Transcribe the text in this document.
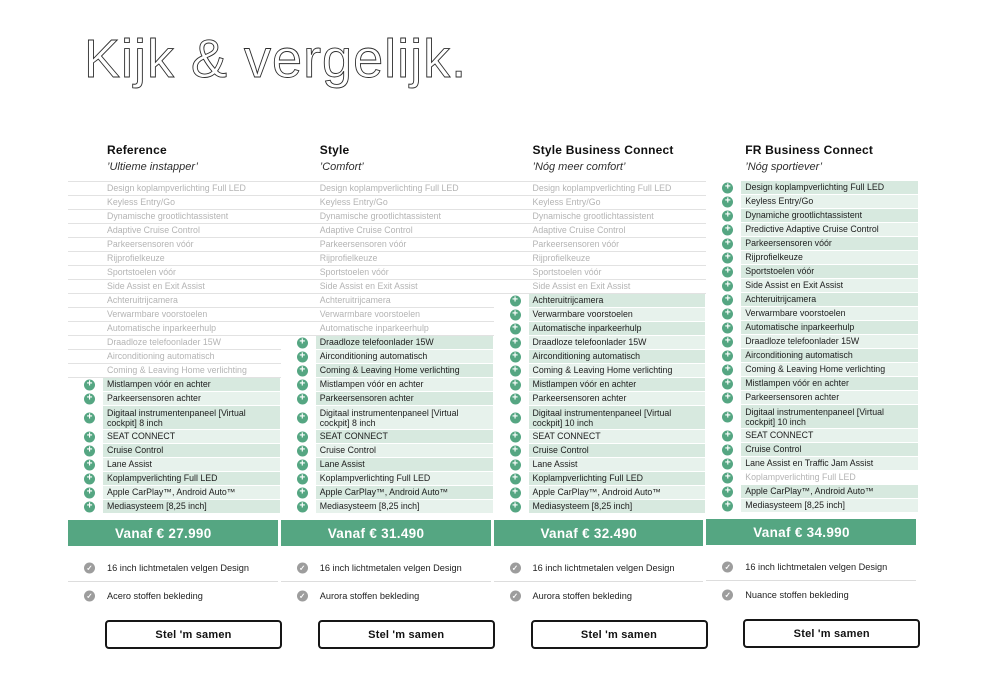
Kijk & vergelijk.
Reference
’Ultieme instapper’
Design koplampverlichting Full LED
Keyless Entry/Go
Dynamische grootlichtassistent
Adaptive Cruise Control
Parkeersensoren vóór
Rijprofielkeuze
Sportstoelen vóór
Side Assist en Exit Assist
Achteruitrijcamera
Verwarmbare voorstoelen
Automatische inparkeerhulp
Draadloze telefoonlader 15W
Airconditioning automatisch
Coming & Leaving Home verlichting
+
Mistlampen vóór en achter
+
Parkeersensoren achter
+
Digitaal instrumentenpaneel [Virtual cockpit] 8 inch
+
SEAT CONNECT
+
Cruise Control
+
Lane Assist
+
Koplampverlichting Full LED
+
Apple CarPlay™, Android Auto™
+
Mediasysteem [8,25 inch]
Vanaf € 27.990
✓
16 inch lichtmetalen velgen Design
✓
Acero stoffen bekleding
Stel 'm samen
Style
’Comfort’
Design koplampverlichting Full LED
Keyless Entry/Go
Dynamische grootlichtassistent
Adaptive Cruise Control
Parkeersensoren vóór
Rijprofielkeuze
Sportstoelen vóór
Side Assist en Exit Assist
Achteruitrijcamera
Verwarmbare voorstoelen
Automatische inparkeerhulp
+
Draadloze telefoonlader 15W
+
Airconditioning automatisch
+
Coming & Leaving Home verlichting
+
Mistlampen vóór en achter
+
Parkeersensoren achter
+
Digitaal instrumentenpaneel [Virtual cockpit] 8 inch
+
SEAT CONNECT
+
Cruise Control
+
Lane Assist
+
Koplampverlichting Full LED
+
Apple CarPlay™, Android Auto™
+
Mediasysteem [8,25 inch]
Vanaf € 31.490
✓
16 inch lichtmetalen velgen Design
✓
Aurora stoffen bekleding
Stel 'm samen
Style Business Connect
’Nóg meer comfort’
Design koplampverlichting Full LED
Keyless Entry/Go
Dynamische grootlichtassistent
Adaptive Cruise Control
Parkeersensoren vóór
Rijprofielkeuze
Sportstoelen vóór
Side Assist en Exit Assist
+
Achteruitrijcamera
+
Verwarmbare voorstoelen
+
Automatische inparkeerhulp
+
Draadloze telefoonlader 15W
+
Airconditioning automatisch
+
Coming & Leaving Home verlichting
+
Mistlampen vóór en achter
+
Parkeersensoren achter
+
Digitaal instrumentenpaneel [Virtual cockpit] 10 inch
+
SEAT CONNECT
+
Cruise Control
+
Lane Assist
+
Koplampverlichting Full LED
+
Apple CarPlay™, Android Auto™
+
Mediasysteem [8,25 inch]
Vanaf € 32.490
✓
16 inch lichtmetalen velgen Design
✓
Aurora stoffen bekleding
Stel 'm samen
FR Business Connect
’Nóg sportiever’
+
Design koplampverlichting Full LED
+
Keyless Entry/Go
+
Dynamiche grootlichtassistent
+
Predictive Adaptive Cruise Control
+
Parkeersensoren vóór
+
Rijprofielkeuze
+
Sportstoelen vóór
+
Side Assist en Exit Assist
+
Achteruitrijcamera
+
Verwarmbare voorstoelen
+
Automatische inparkeerhulp
+
Draadloze telefoonlader 15W
+
Airconditioning automatisch
+
Coming & Leaving Home verlichting
+
Mistlampen vóór en achter
+
Parkeersensoren achter
+
Digitaal instrumentenpaneel [Virtual cockpit] 10 inch
+
SEAT CONNECT
+
Cruise Control
+
Lane Assist en Traffic Jam Assist
+
Koplampverlichting Full LED
+
Apple CarPlay™, Android Auto™
+
Mediasysteem [8,25 inch]
Vanaf € 34.990
✓
16 inch lichtmetalen velgen Design
✓
Nuance stoffen bekleding
Stel 'm samen
